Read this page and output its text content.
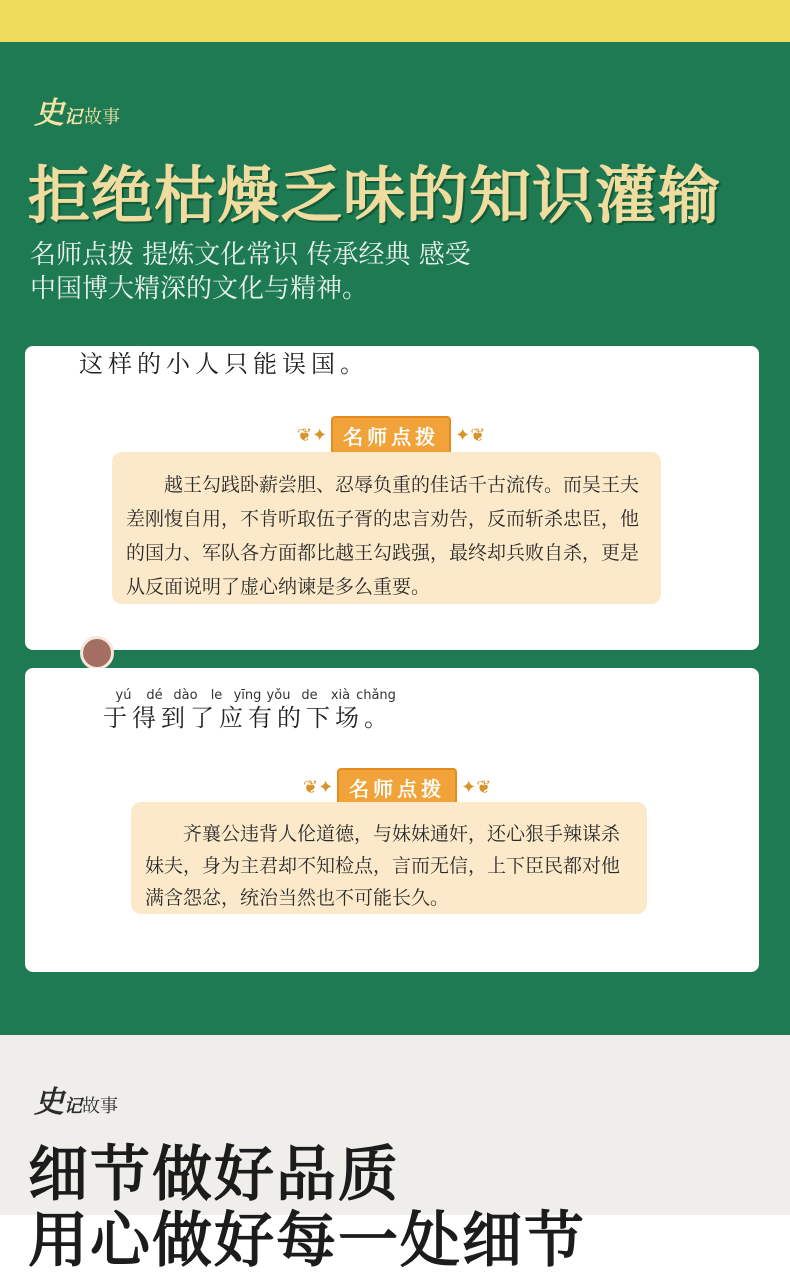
史记 故事
拒绝枯燥乏味的知识灌输
名师点拨 提炼文化常识 传承经典 感受
中国博大精深的文化与精神。
这样的小人只能误国。
❦✦ 名师点拨 ✦❦

越王勾践卧薪尝胆、忍辱负重的佳话千古流传。而吴王夫差刚愎自用，不肯听取伍子胥的忠言劝告，反而斩杀忠臣，他的国力、军队各方面都比越王勾践强，最终却兵败自杀，更是从反面说明了虚心纳谏是多么重要。

于得到了应有的下场。
❦✦ 名师点拨 ✦❦

齐襄公违背人伦道德，与妹妹通奸，还心狠手辣谋杀妹夫，身为主君却不知检点，言而无信，上下臣民都对他满含怨忿，统治当然也不可能长久。

yú	dé dào	le yīng yǒu de	xià chǎng
史记故事
细节做好品质
用心做好每一处细节
